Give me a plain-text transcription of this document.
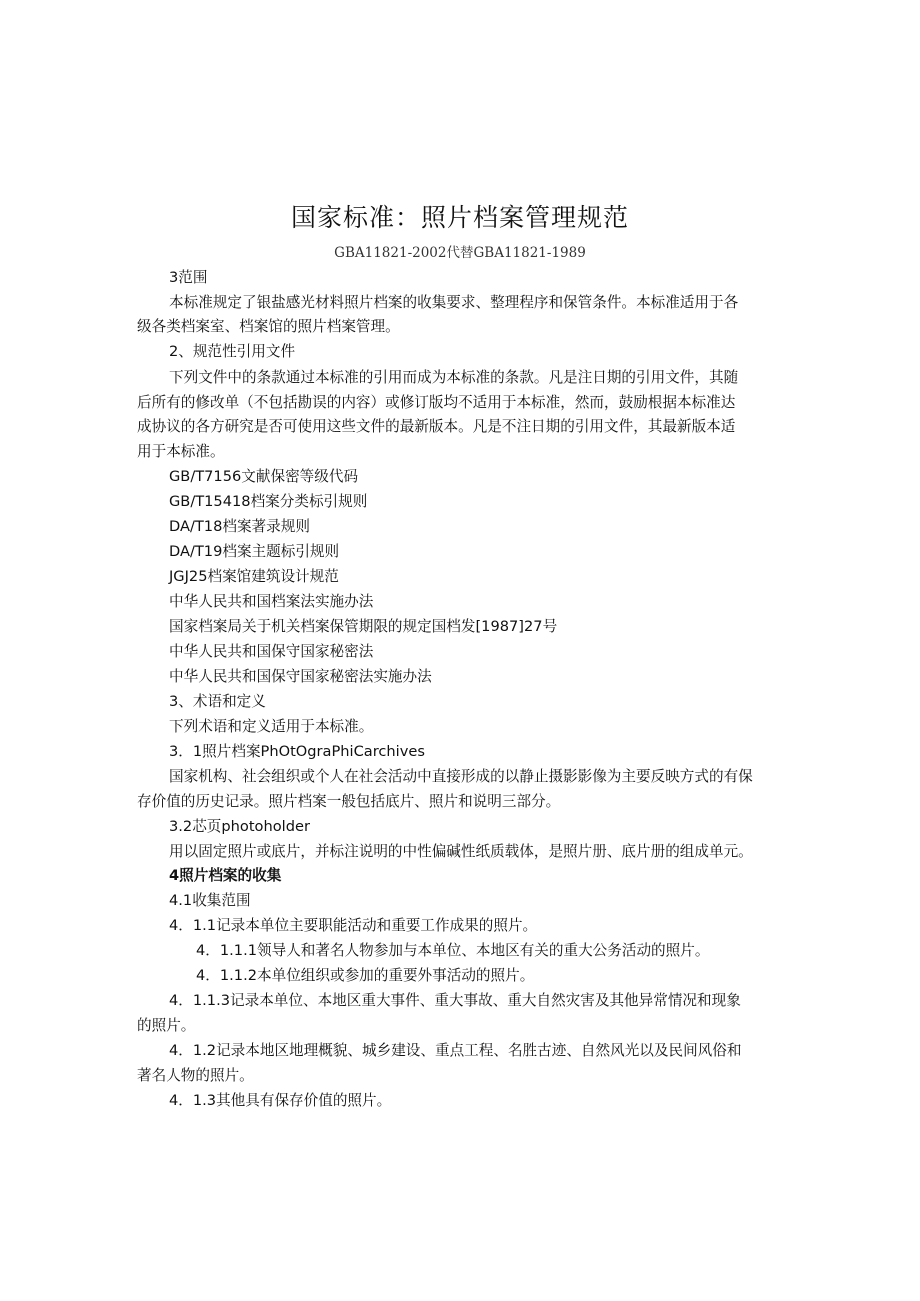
国家标准：照片档案管理规范
GBA11821-2002代替GBA11821-1989
3范围
本标准规定了银盐感光材料照片档案的收集要求、整理程序和保管条件。本标准适用于各
级各类档案室、档案馆的照片档案管理。
2、规范性引用文件
下列文件中的条款通过本标准的引用而成为本标准的条款。凡是注日期的引用文件，其随
后所有的修改单（不包括勘误的内容）或修订版均不适用于本标准，然而，鼓励根据本标准达
成协议的各方研究是否可使用这些文件的最新版本。凡是不注日期的引用文件，其最新版本适
用于本标准。
GB/T7156文献保密等级代码
GB/T15418档案分类标引规则
DA/T18档案著录规则
DA/T19档案主题标引规则
JGJ25档案馆建筑设计规范
中华人民共和国档案法实施办法
国家档案局关于机关档案保管期限的规定国档发[1987]27号
中华人民共和国保守国家秘密法
中华人民共和国保守国家秘密法实施办法
3、术语和定义
下列术语和定义适用于本标准。
3．1照片档案PhOtOgraPhiCarchives
国家机构、社会组织或个人在社会活动中直接形成的以静止摄影影像为主要反映方式的有保
存价值的历史记录。照片档案一般包括底片、照片和说明三部分。
3.2芯页photoholder
用以固定照片或底片，并标注说明的中性偏碱性纸质载体，是照片册、底片册的组成单元。
4照片档案的收集
4.1收集范围
4．1.1记录本单位主要职能活动和重要工作成果的照片。
4．1.1.1领导人和著名人物参加与本单位、本地区有关的重大公务活动的照片。
4．1.1.2本单位组织或参加的重要外事活动的照片。
4．1.1.3记录本单位、本地区重大事件、重大事故、重大自然灾害及其他异常情况和现象
的照片。
4．1.2记录本地区地理概貌、城乡建设、重点工程、名胜古迹、自然风光以及民间风俗和
著名人物的照片。
4．1.3其他具有保存价值的照片。
